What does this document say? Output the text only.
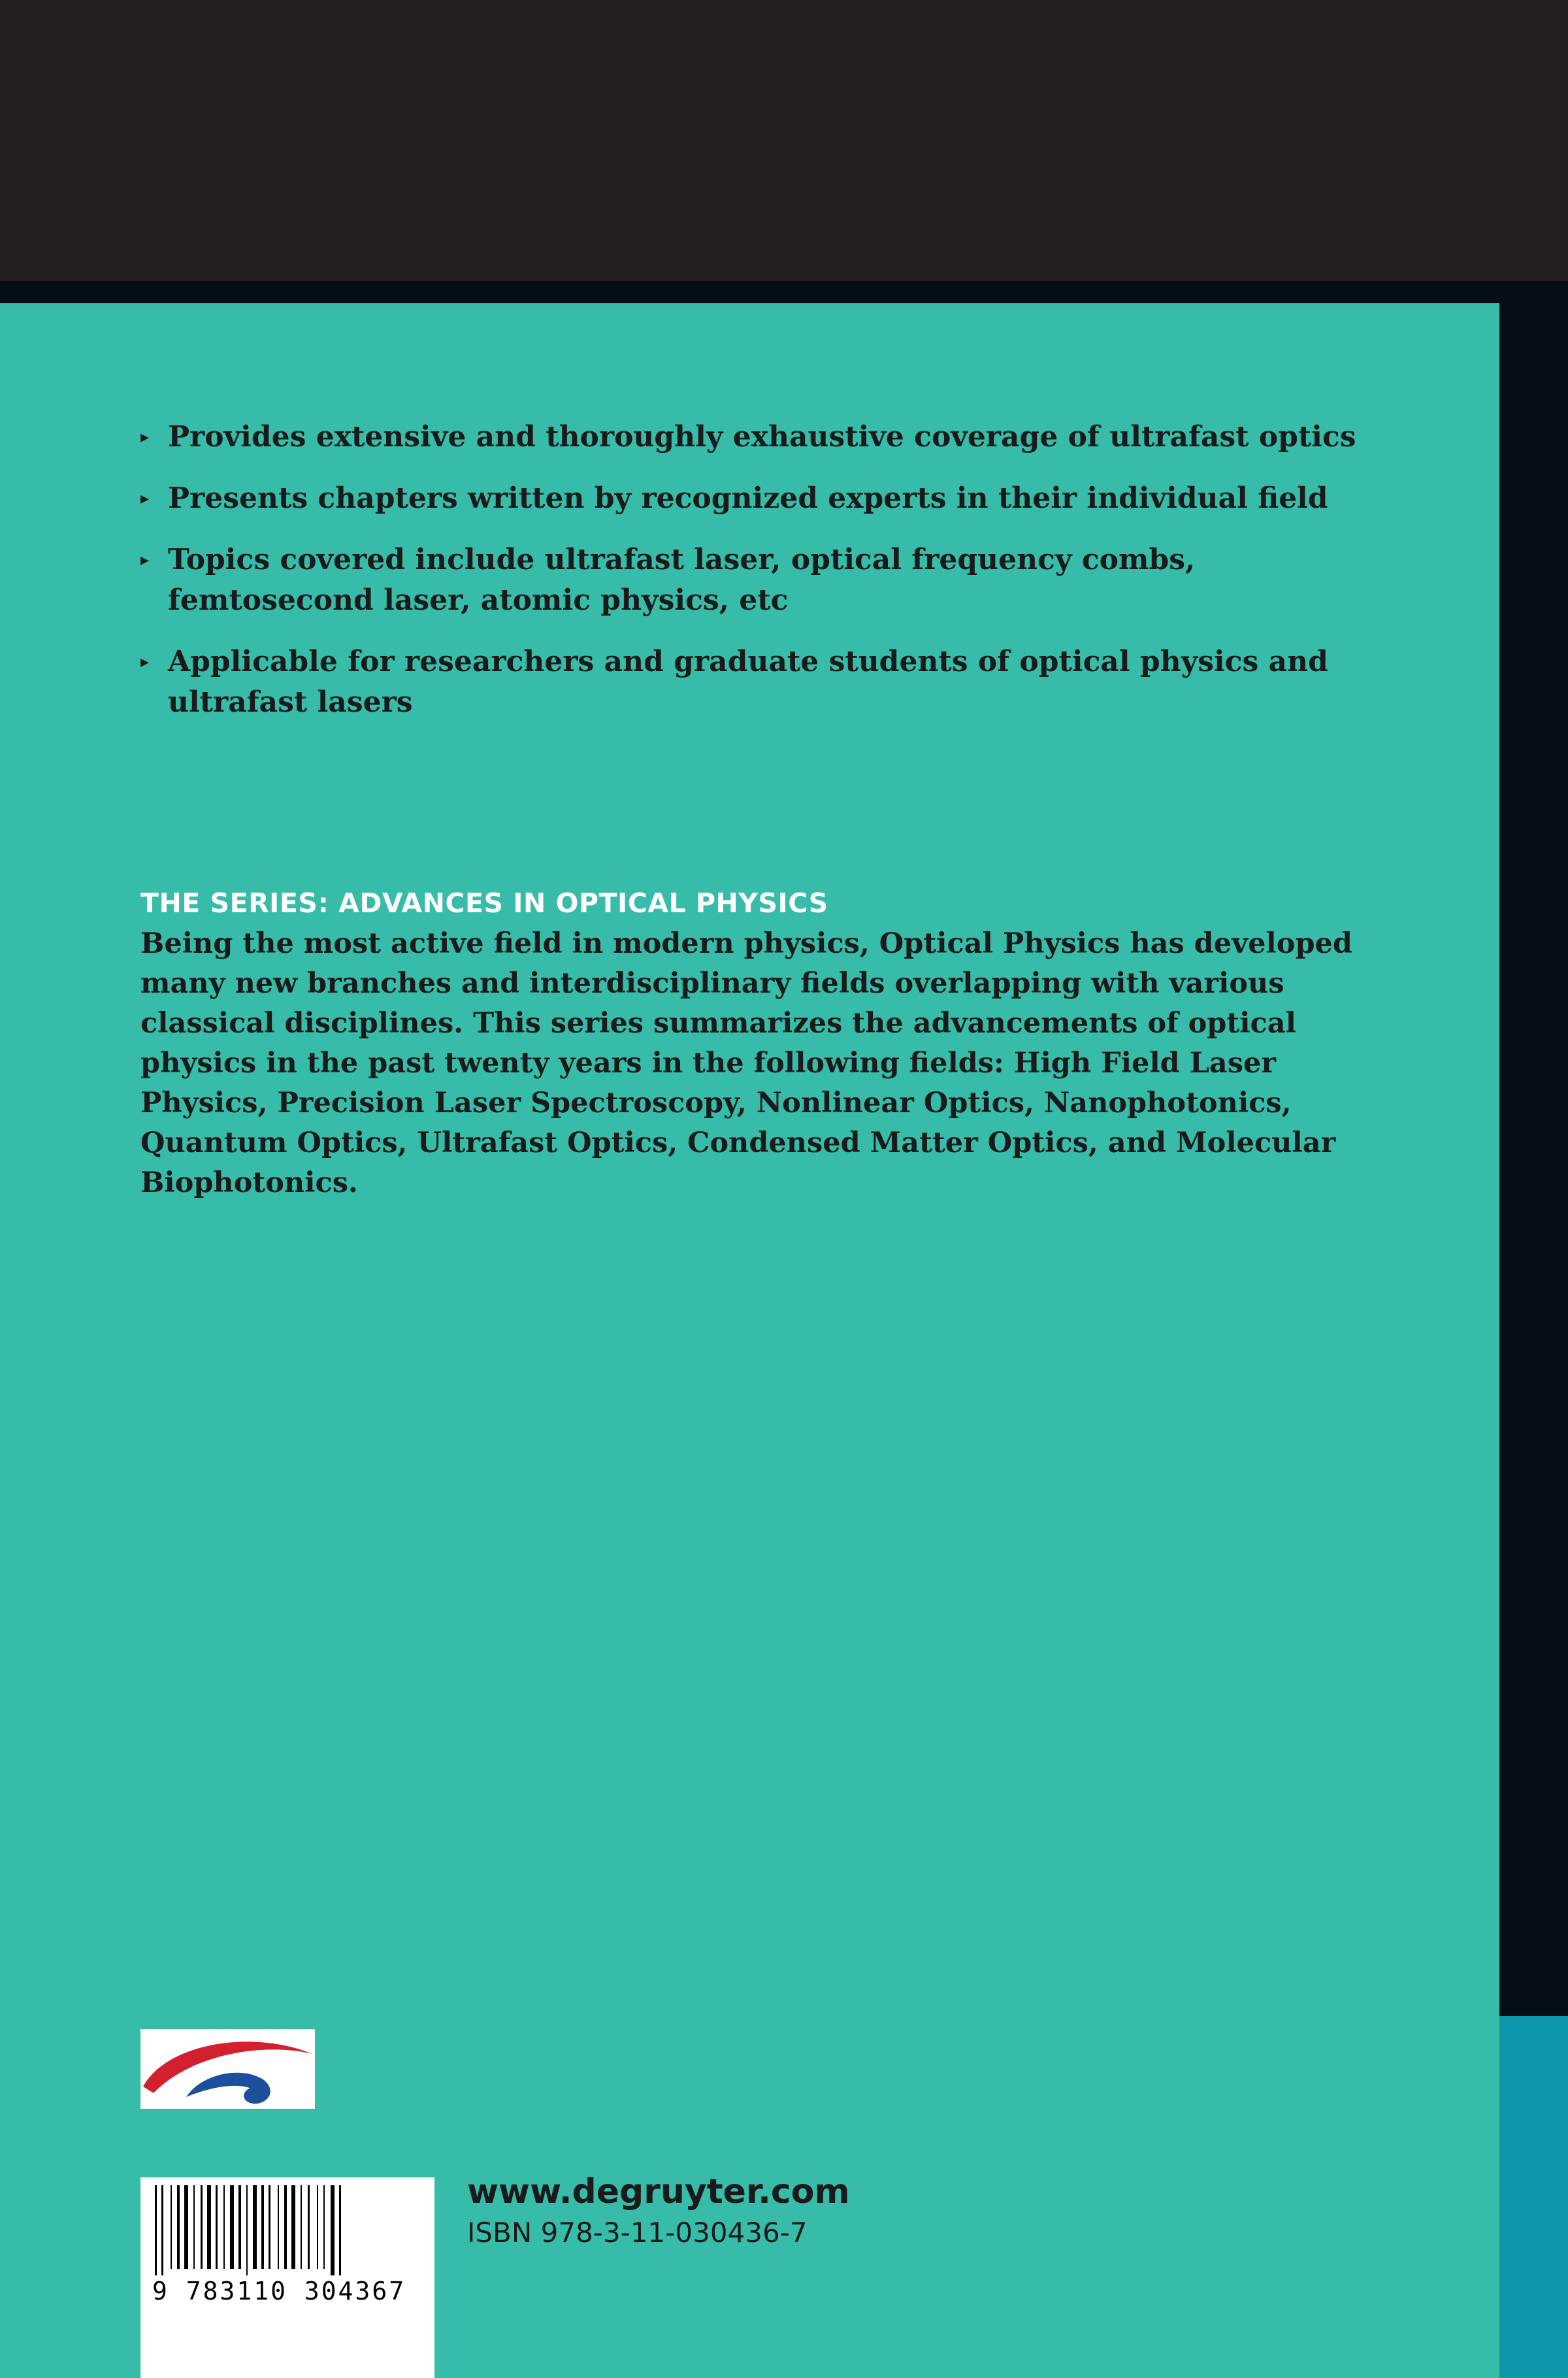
▸ Provides extensive and thoroughly exhaustive coverage of ultrafast optics
▸ Presents chapters written by recognized experts in their individual field
▸ Topics covered include ultrafast laser, optical frequency combs, femtosecond laser, atomic physics, etc
▸ Applicable for researchers and graduate students of optical physics and ultrafast lasers
THE SERIES: ADVANCES IN OPTICAL PHYSICS

Being the most active field in modern physics, Optical Physics has developed many new branches and interdisciplinary fields overlapping with various classical disciplines. This series summarizes the advancements of optical physics in the past twenty years in the following fields: High Field Laser Physics, Precision Laser Spectroscopy, Nonlinear Optics, Nanophotonics, Quantum Optics, Ultrafast Optics, Condensed Matter Optics, and Molecular Biophotonics.

9 783110 304367
www.degruyter.com
ISBN 978-3-11-030436-7
